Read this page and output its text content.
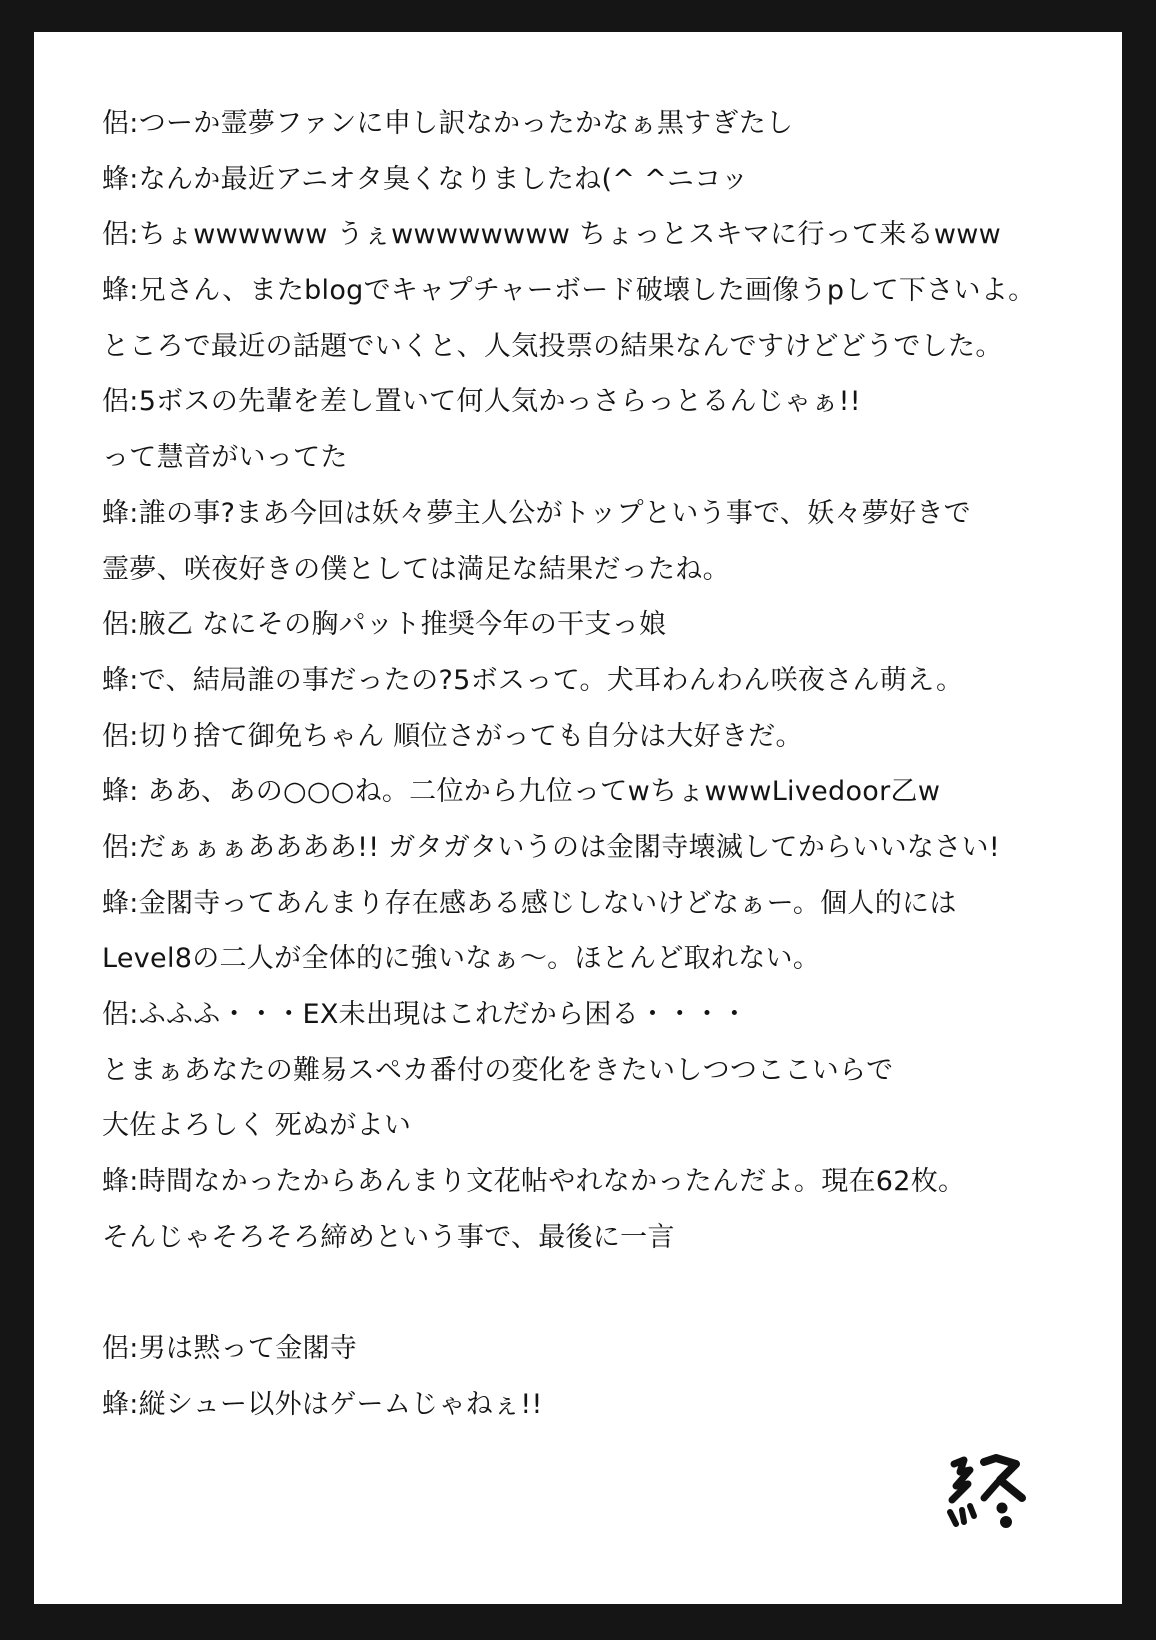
侶:つーか霊夢ファンに申し訳なかったかなぁ黒すぎたし
蜂:なんか最近アニオタ臭くなりましたね(^ ^ニコッ
侶:ちょwwwwww うぇwwwwwwww ちょっとスキマに行って来るwww
蜂:兄さん、またblogでキャプチャーボード破壊した画像うpして下さいよ。
ところで最近の話題でいくと、人気投票の結果なんですけどどうでした。
侶:5ボスの先輩を差し置いて何人気かっさらっとるんじゃぁ!!
って慧音がいってた
蜂:誰の事?まあ今回は妖々夢主人公がトップという事で、妖々夢好きで
霊夢、咲夜好きの僕としては満足な結果だったね。
侶:腋乙 なにその胸パット推奨今年の干支っ娘
蜂:で、結局誰の事だったの?5ボスって。犬耳わんわん咲夜さん萌え。
侶:切り捨て御免ちゃん 順位さがっても自分は大好きだ。
蜂: ああ、あの○○○ね。二位から九位ってwちょwwwLivedoor乙w
侶:だぁぁぁああああ!! ガタガタいうのは金閣寺壊滅してからいいなさい!
蜂:金閣寺ってあんまり存在感ある感じしないけどなぁー。個人的には
Level8の二人が全体的に強いなぁ〜。ほとんど取れない。
侶:ふふふ・・・EX未出現はこれだから困る・・・・
とまぁあなたの難易スペカ番付の変化をきたいしつつここいらで
大佐よろしく 死ぬがよい
蜂:時間なかったからあんまり文花帖やれなかったんだよ。現在62枚。
そんじゃそろそろ締めという事で、最後に一言
侶:男は黙って金閣寺
蜂:縦シュー以外はゲームじゃねぇ!!
